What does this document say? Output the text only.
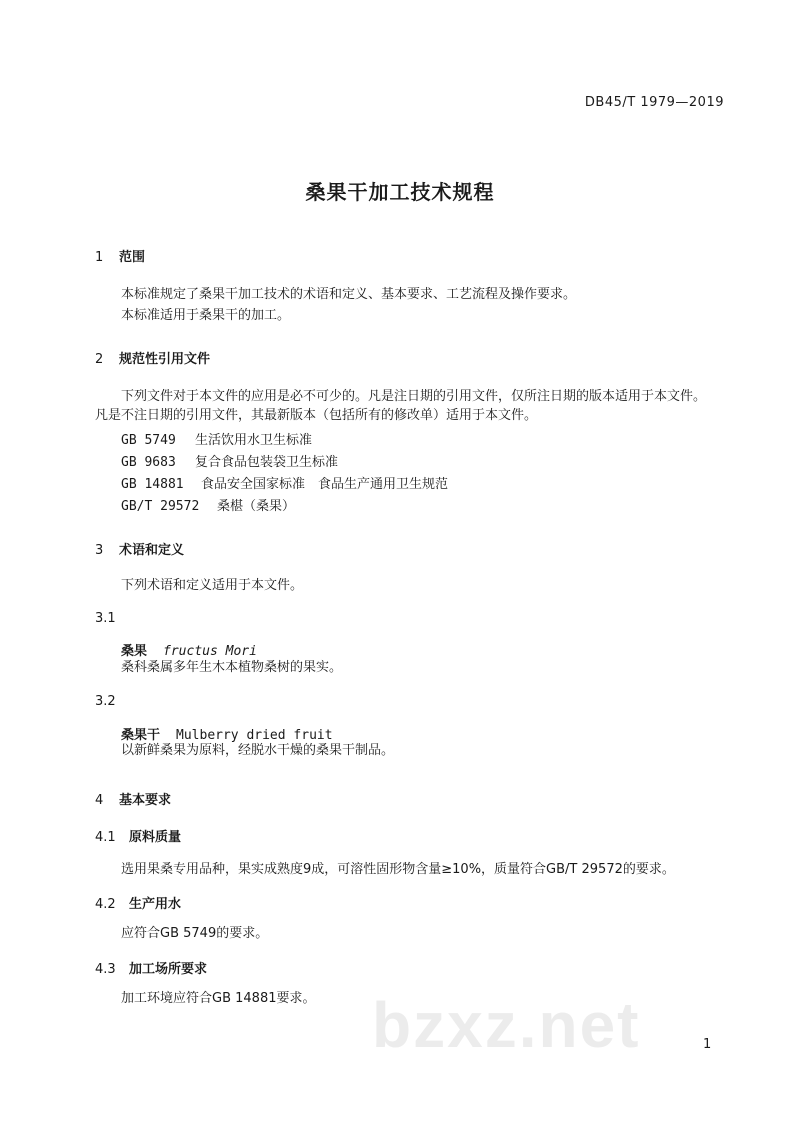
DB45/T 1979—2019
桑果干加工技术规程
1 范围
本标准规定了桑果干加工技术的术语和定义、基本要求、工艺流程及操作要求。
本标准适用于桑果干的加工。
2 规范性引用文件
下列文件对于本文件的应用是必不可少的。凡是注日期的引用文件，仅所注日期的版本适用于本文件。凡是不注日期的引用文件，其最新版本（包括所有的修改单）适用于本文件。
GB 5749 生活饮用水卫生标准
GB 9683 复合食品包装袋卫生标准
GB 14881 食品安全国家标准　食品生产通用卫生规范
GB/T 29572 桑椹（桑果）
3 术语和定义
下列术语和定义适用于本文件。
3.1
桑果 fructus Mori
桑科桑属多年生木本植物桑树的果实。
3.2
桑果干 Mulberry dried fruit
以新鲜桑果为原料，经脱水干燥的桑果干制品。
4 基本要求
4.1 原料质量
选用果桑专用品种，果实成熟度9成，可溶性固形物含量≥10%，质量符合GB/T 29572的要求。
4.2 生产用水
应符合GB 5749的要求。
4.3 加工场所要求
加工环境应符合GB 14881要求。 bzxz.net	1
